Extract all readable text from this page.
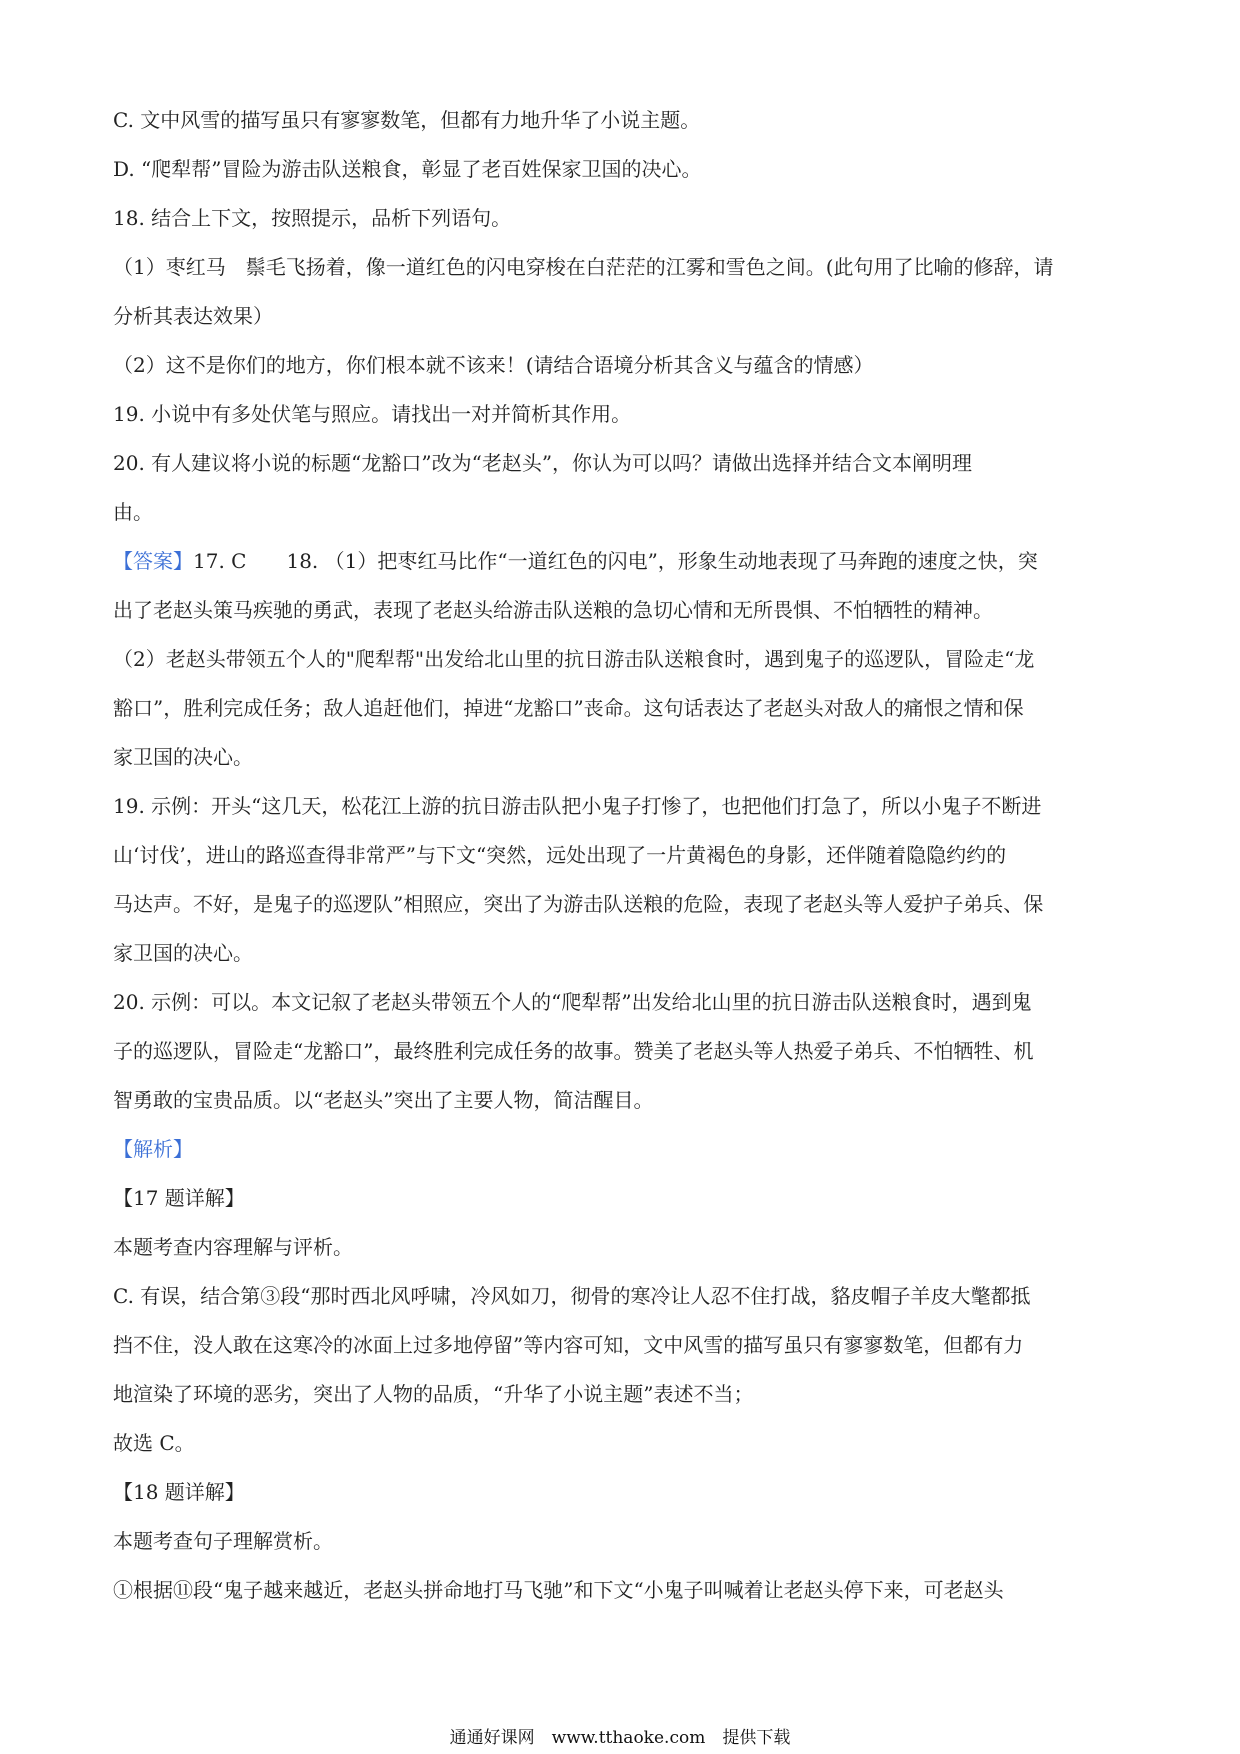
C. 文中风雪的描写虽只有寥寥数笔，但都有力地升华了小说主题。
D. “爬犁帮”冒险为游击队送粮食，彰显了老百姓保家卫国的决心。
18. 结合上下文，按照提示，品析下列语句。
（1）枣红马　鬃毛飞扬着，像一道红色的闪电穿梭在白茫茫的江雾和雪色之间。(此句用了比喻的修辞，请
分析其表达效果）
（2）这不是你们的地方，你们根本就不该来！(请结合语境分析其含义与蕴含的情感）
19. 小说中有多处伏笔与照应。请找出一对并简析其作用。
20. 有人建议将小说的标题“龙豁口”改为“老赵头”，你认为可以吗？请做出选择并结合文本阐明理
由。
【答案】17. C　　18. （1）把枣红马比作“一道红色的闪电”，形象生动地表现了马奔跑的速度之快，突
出了老赵头策马疾驰的勇武，表现了老赵头给游击队送粮的急切心情和无所畏惧、不怕牺牲的精神。
（2）老赵头带领五个人的"爬犁帮"出发给北山里的抗日游击队送粮食时，遇到鬼子的巡逻队，冒险走“龙
豁口”，胜利完成任务；敌人追赶他们，掉进“龙豁口”丧命。这句话表达了老赵头对敌人的痛恨之情和保
家卫国的决心。
19. 示例：开头“这几天，松花江上游的抗日游击队把小鬼子打惨了，也把他们打急了，所以小鬼子不断进
山‘讨伐’，进山的路巡查得非常严”与下文“突然，远处出现了一片黄褐色的身影，还伴随着隐隐约约的
马达声。不好，是鬼子的巡逻队”相照应，突出了为游击队送粮的危险，表现了老赵头等人爱护子弟兵、保
家卫国的决心。
20. 示例：可以。本文记叙了老赵头带领五个人的“爬犁帮”出发给北山里的抗日游击队送粮食时，遇到鬼
子的巡逻队，冒险走“龙豁口”，最终胜利完成任务的故事。赞美了老赵头等人热爱子弟兵、不怕牺牲、机
智勇敢的宝贵品质。以“老赵头”突出了主要人物，简洁醒目。
【解析】
【17 题详解】
本题考查内容理解与评析。
C. 有误，结合第③段“那时西北风呼啸，冷风如刀，彻骨的寒冷让人忍不住打战，貉皮帽子羊皮大氅都抵
挡不住，没人敢在这寒冷的冰面上过多地停留”等内容可知，文中风雪的描写虽只有寥寥数笔，但都有力
地渲染了环境的恶劣，突出了人物的品质，“升华了小说主题”表述不当；
故选 C。
【18 题详解】
本题考查句子理解赏析。
①根据⑪段“鬼子越来越近，老赵头拼命地打马飞驰”和下文“小鬼子叫喊着让老赵头停下来，可老赵头
通通好课网　www.tthaoke.com　提供下载
